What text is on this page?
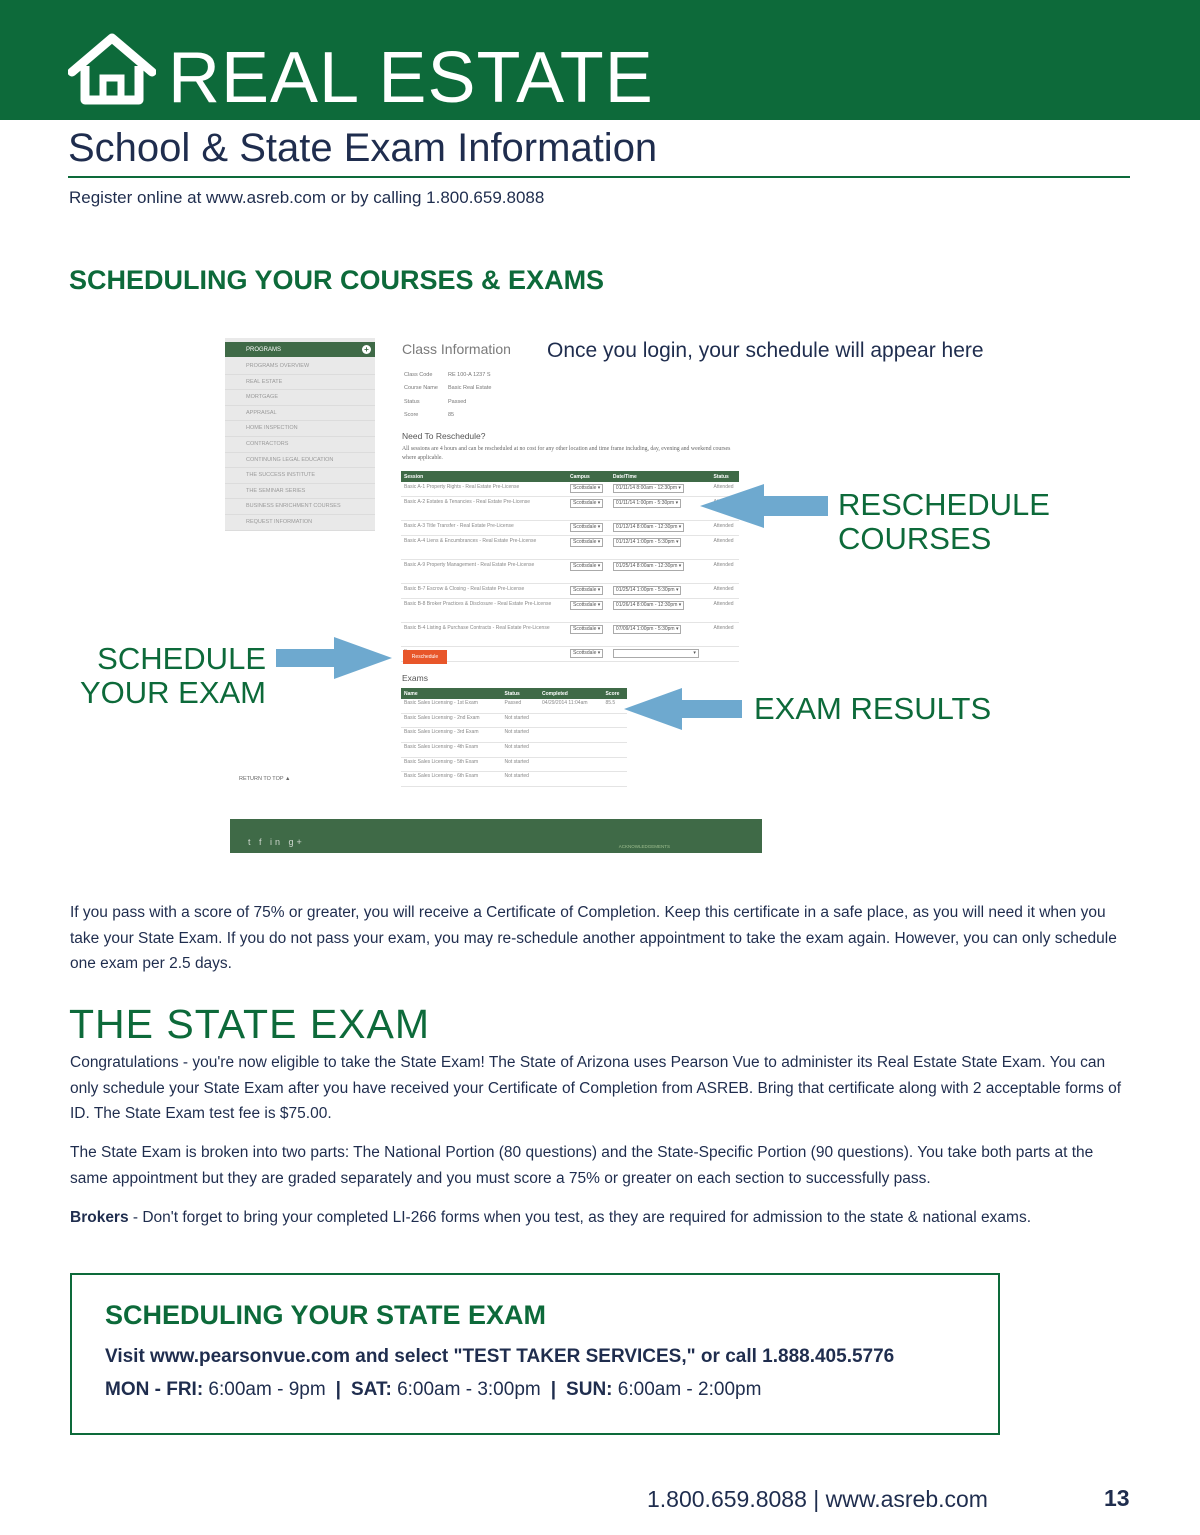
REAL ESTATE
School & State Exam Information
Register online at www.asreb.com or by calling 1.800.659.8088
SCHEDULING YOUR COURSES & EXAMS
PROGRAMS	+
PROGRAMS OVERVIEW
REAL ESTATE
MORTGAGE
APPRAISAL
HOME INSPECTION
CONTRACTORS
CONTINUING LEGAL EDUCATION
THE SUCCESS INSTITUTE
THE SEMINAR SERIES
BUSINESS ENRICHMENT COURSES
REQUEST INFORMATION
RETURN TO TOP ▲
Class Information
Class Code	RE 100-A 1237 S
Course Name Basic Real Estate
Status	Passed
Score	85
Need To Reschedule?
All sessions are 4 hours and can be rescheduled at no cost for any other location and time frame including, day, evening and weekend courses where applicable.
Session	Campus	Date/Time	Status
Basic A-1 Property Rights - Real Estate Pre-License	Scottsdale ▾	01/11/14 8:00am - 12:30pm ▾	Attended
Basic A-2 Estates & Tenancies - Real Estate Pre-License	Scottsdale ▾	01/11/14 1:00pm - 5:30pm ▾	
Basic A-3 Title Transfer - Real Estate Pre-License	Scottsdale ▾	01/12/14 8:00am - 12:30pm ▾	Attended
Basic A-4 Liens & Encumbrances - Real Estate Pre-License	Scottsdale ▾	01/12/14 1:00pm - 5:30pm ▾	Attended
Basic A-9 Property Management - Real Estate Pre-License	Scottsdale ▾	01/25/14 8:00am - 12:30pm ▾	Attended
Basic B-7 Escrow & Closing - Real Estate Pre-License	Scottsdale ▾	01/25/14 1:00pm - 5:30pm ▾	Attended
Basic B-8 Broker Practices & Disclosure - Real Estate Pre-License	Scottsdale ▾	01/26/14 8:00am - 12:30pm ▾	Attended
Basic B-4 Listing & Purchase Contracts - Real Estate Pre-License	Scottsdale ▾	07/09/14 1:00pm - 5:30pm ▾	Attended
	Scottsdale ▾	▾	
Reschedule
Exams
Name	Status	Completed	Score
Basic Sales Licensing - 1st Exam	Passed	04/29/2014 11:04am	85.5
Basic Sales Licensing - 2nd Exam	Not started		
Basic Sales Licensing - 3rd Exam	Not started		
Basic Sales Licensing - 4th Exam	Not started		
Basic Sales Licensing - 5th Exam	Not started		
Basic Sales Licensing - 6th Exam	Not started		
t f in g+	ACKNOWLEDGEMENTS
Once you login, your schedule will appear here
RESCHEDULE
COURSES
SCHEDULE
YOUR EXAM	EXAM RESULTS
If you pass with a score of 75% or greater, you will receive a Certificate of Completion. Keep this certificate in a safe place, as you will need it when you take your State Exam. If you do not pass your exam, you may re-schedule another appointment to take the exam again. However, you can only schedule one exam per 2.5 days.
THE STATE EXAM
Congratulations - you're now eligible to take the State Exam! The State of Arizona uses Pearson Vue to administer its Real Estate State Exam. You can only schedule your State Exam after you have received your Certificate of Completion from ASREB. Bring that certificate along with 2 acceptable forms of ID. The State Exam test fee is $75.00.
The State Exam is broken into two parts: The National Portion (80 questions) and the State-Specific Portion (90 questions). You take both parts at the same appointment but they are graded separately and you must score a 75% or greater on each section to successfully pass.
Brokers - Don't forget to bring your completed LI-266 forms when you test, as they are required for admission to the state & national exams.
SCHEDULING YOUR STATE EXAM
Visit www.pearsonvue.com and select "TEST TAKER SERVICES," or call 1.888.405.5776
MON - FRI: 6:00am - 9pm | SAT: 6:00am - 3:00pm | SUN: 6:00am - 2:00pm
1.800.659.8088 | www.asreb.com	13
